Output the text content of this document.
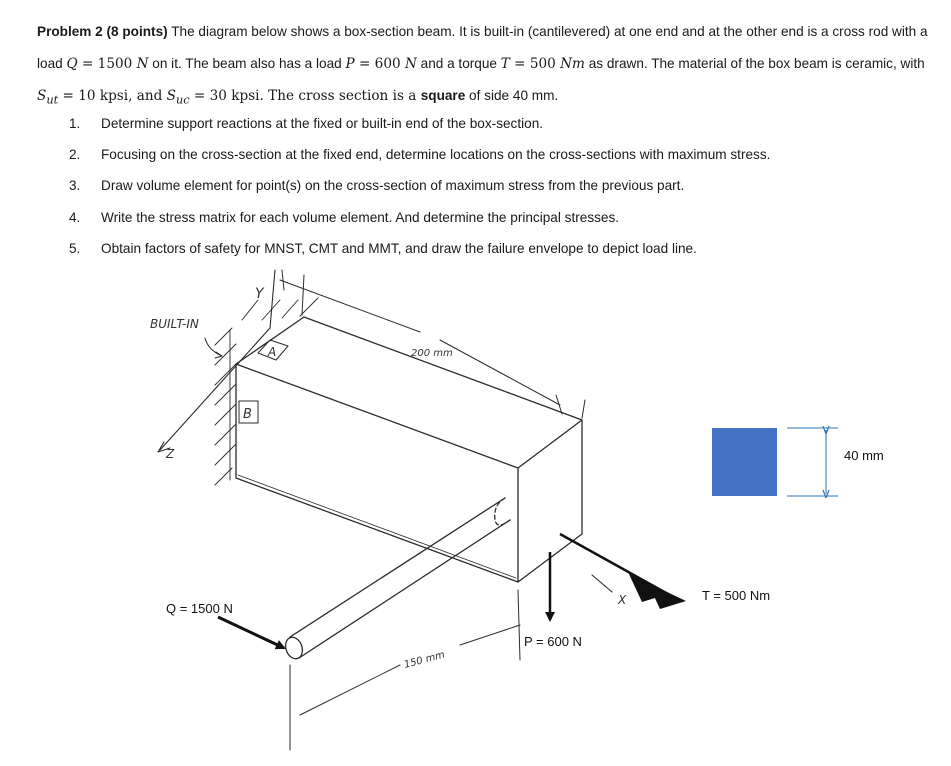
Problem 2 (8 points) The diagram below shows a box-section beam. It is built-in (cantilevered) at one end and at the other end is a cross rod with a load Q = 1500 N on it. The beam also has a load P = 600 N and a torque T = 500 Nm as drawn. The material of the box beam is ceramic, with $S_{ut} = 10$ kpsi, and $S_{uc} = 30$ kpsi. The cross section is a square of side 40 mm.

1. Determine support reactions at the fixed or built-in end of the box-section.
2. Focusing on the cross-section at the fixed end, determine locations on the cross-sections with maximum stress.
3. Draw volume element for point(s) on the cross-section of maximum stress from the previous part.
4. Write the stress matrix for each volume element. And determine the principal stresses.
5. Obtain factors of safety for MNST, CMT and MMT, and draw the failure envelope to depict load line.
Y
Z
X
BUILT-IN
A
B
200 mm
150 mm
Q = 1500 N
P = 600 N
T = 500 Nm
40 mm
